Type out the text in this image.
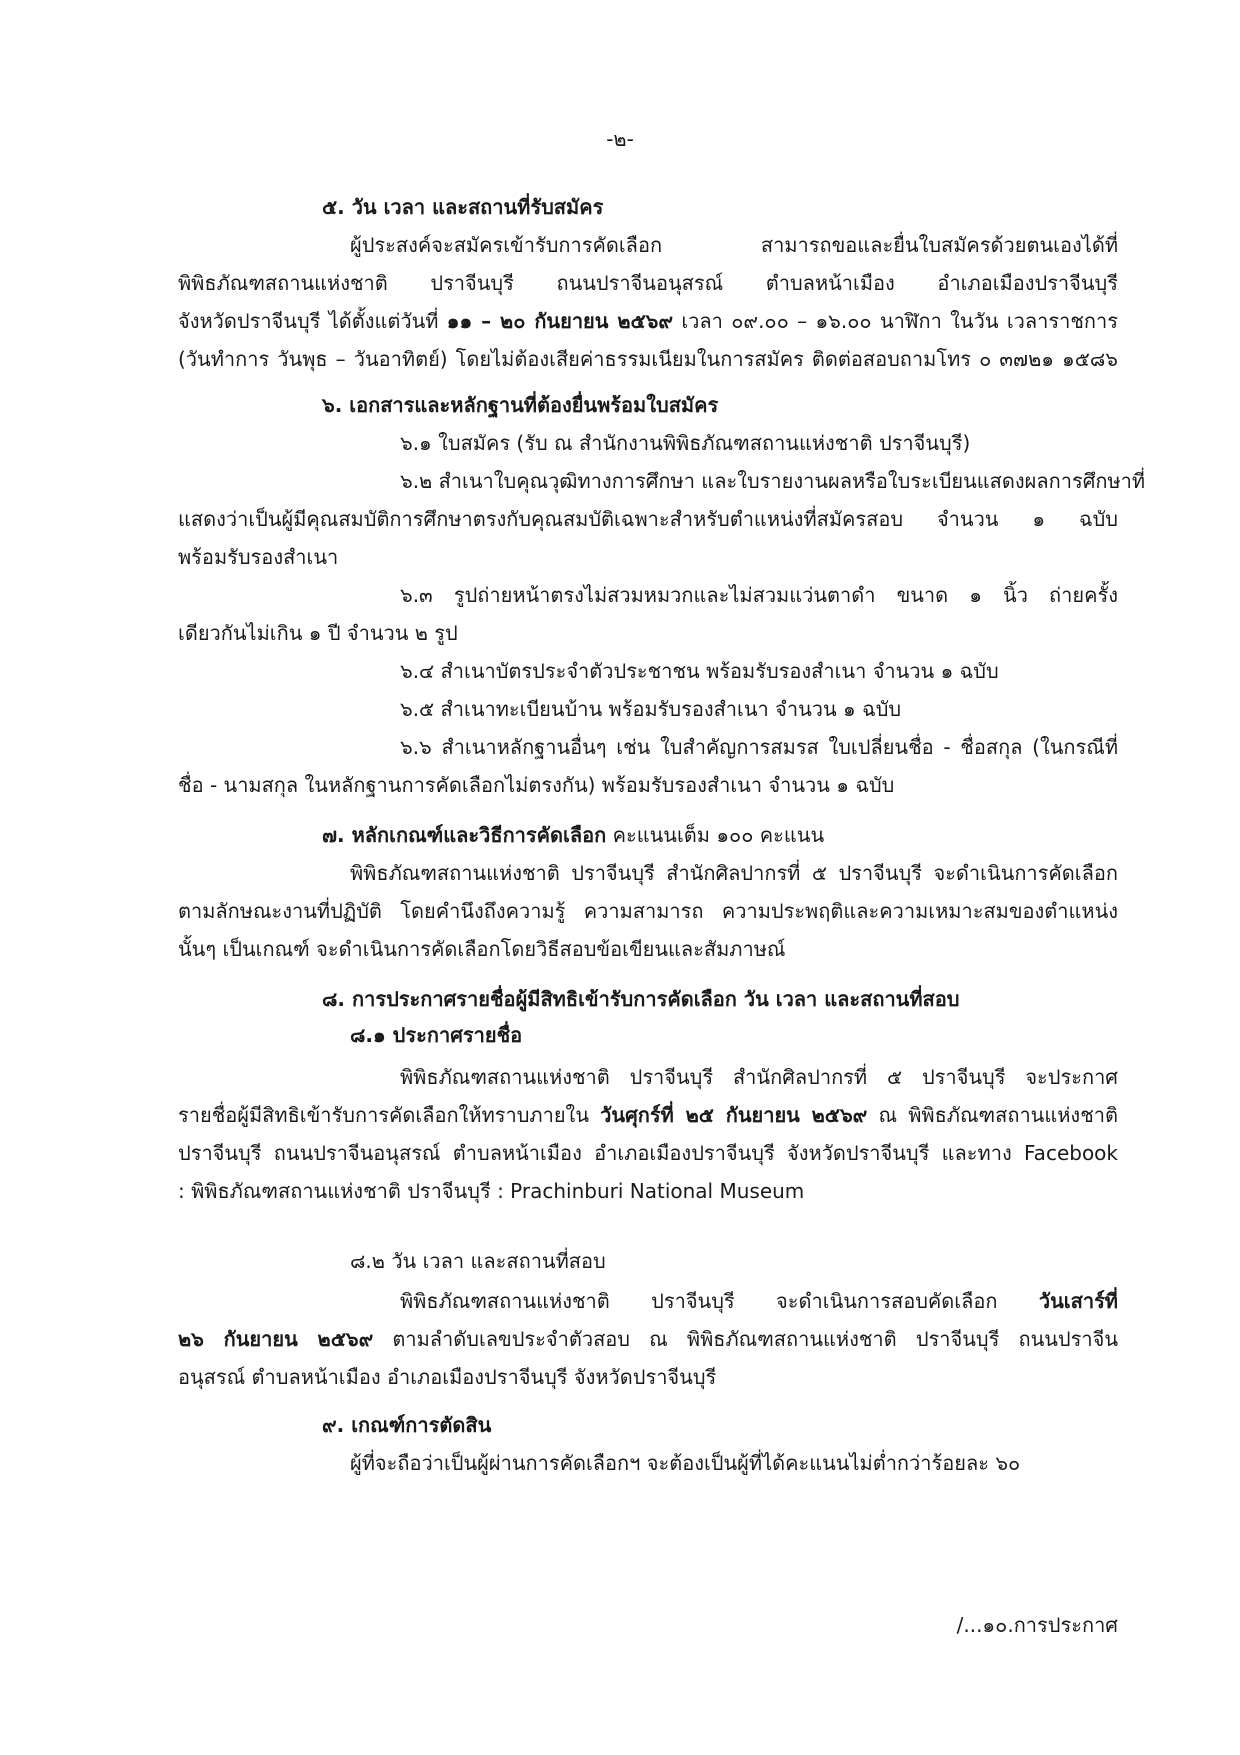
-๒-
๕. วัน เวลา และสถานที่รับสมัคร
ผู้ประสงค์จะสมัครเข้ารับการคัดเลือก สามารถขอและยื่นใบสมัครด้วยตนเองได้ที่
พิพิธภัณฑสถานแห่งชาติ ปราจีนบุรี ถนนปราจีนอนุสรณ์ ตำบลหน้าเมือง อำเภอเมืองปราจีนบุรี
จังหวัดปราจีนบุรี ได้ตั้งแต่วันที่ ๑๑ – ๒๐ กันยายน ๒๕๖๙ เวลา ๐๙.๐๐ – ๑๖.๐๐ นาฬิกา ในวัน เวลาราชการ
(วันทำการ วันพุธ – วันอาทิตย์) โดยไม่ต้องเสียค่าธรรมเนียมในการสมัคร ติดต่อสอบถามโทร ๐ ๓๗๒๑ ๑๕๘๖
๖. เอกสารและหลักฐานที่ต้องยื่นพร้อมใบสมัคร
๖.๑ ใบสมัคร (รับ ณ สำนักงานพิพิธภัณฑสถานแห่งชาติ ปราจีนบุรี)
๖.๒ สำเนาใบคุณวุฒิทางการศึกษา และใบรายงานผลหรือใบระเบียนแสดงผลการศึกษาที่
แสดงว่าเป็นผู้มีคุณสมบัติการศึกษาตรงกับคุณสมบัติเฉพาะสำหรับตำแหน่งที่สมัครสอบ จำนวน ๑ ฉบับ
พร้อมรับรองสำเนา
๖.๓ รูปถ่ายหน้าตรงไม่สวมหมวกและไม่สวมแว่นตาดำ ขนาด ๑ นิ้ว ถ่ายครั้ง
เดียวกันไม่เกิน ๑ ปี จำนวน ๒ รูป
๖.๔ สำเนาบัตรประจำตัวประชาชน พร้อมรับรองสำเนา จำนวน ๑ ฉบับ
๖.๕ สำเนาทะเบียนบ้าน พร้อมรับรองสำเนา จำนวน ๑ ฉบับ
๖.๖ สำเนาหลักฐานอื่นๆ เช่น ใบสำคัญการสมรส ใบเปลี่ยนชื่อ - ชื่อสกุล (ในกรณีที่
ชื่อ - นามสกุล ในหลักฐานการคัดเลือกไม่ตรงกัน) พร้อมรับรองสำเนา จำนวน ๑ ฉบับ
๗. หลักเกณฑ์และวิธีการคัดเลือก คะแนนเต็ม ๑๐๐ คะแนน
พิพิธภัณฑสถานแห่งชาติ ปราจีนบุรี สำนักศิลปากรที่ ๕ ปราจีนบุรี จะดำเนินการคัดเลือก
ตามลักษณะงานที่ปฏิบัติ โดยคำนึงถึงความรู้ ความสามารถ ความประพฤติและความเหมาะสมของตำแหน่ง
นั้นๆ เป็นเกณฑ์ จะดำเนินการคัดเลือกโดยวิธีสอบข้อเขียนและสัมภาษณ์
๘. การประกาศรายชื่อผู้มีสิทธิเข้ารับการคัดเลือก วัน เวลา และสถานที่สอบ
๘.๑ ประกาศรายชื่อ
พิพิธภัณฑสถานแห่งชาติ ปราจีนบุรี สำนักศิลปากรที่ ๕ ปราจีนบุรี จะประกาศ
รายชื่อผู้มีสิทธิเข้ารับการคัดเลือกให้ทราบภายใน วันศุกร์ที่ ๒๕ กันยายน ๒๕๖๙ ณ พิพิธภัณฑสถานแห่งชาติ
ปราจีนบุรี ถนนปราจีนอนุสรณ์ ตำบลหน้าเมือง อำเภอเมืองปราจีนบุรี จังหวัดปราจีนบุรี และทาง Facebook
: พิพิธภัณฑสถานแห่งชาติ ปราจีนบุรี : Prachinburi National Museum
๘.๒ วัน เวลา และสถานที่สอบ
พิพิธภัณฑสถานแห่งชาติ ปราจีนบุรี จะดำเนินการสอบคัดเลือก วันเสาร์ที่
๒๖ กันยายน ๒๕๖๙ ตามลำดับเลขประจำตัวสอบ ณ พิพิธภัณฑสถานแห่งชาติ ปราจีนบุรี ถนนปราจีน
อนุสรณ์ ตำบลหน้าเมือง อำเภอเมืองปราจีนบุรี จังหวัดปราจีนบุรี
๙. เกณฑ์การตัดสิน
ผู้ที่จะถือว่าเป็นผู้ผ่านการคัดเลือกฯ จะต้องเป็นผู้ที่ได้คะแนนไม่ต่ำกว่าร้อยละ ๖๐
/...๑๐.การประกาศ
